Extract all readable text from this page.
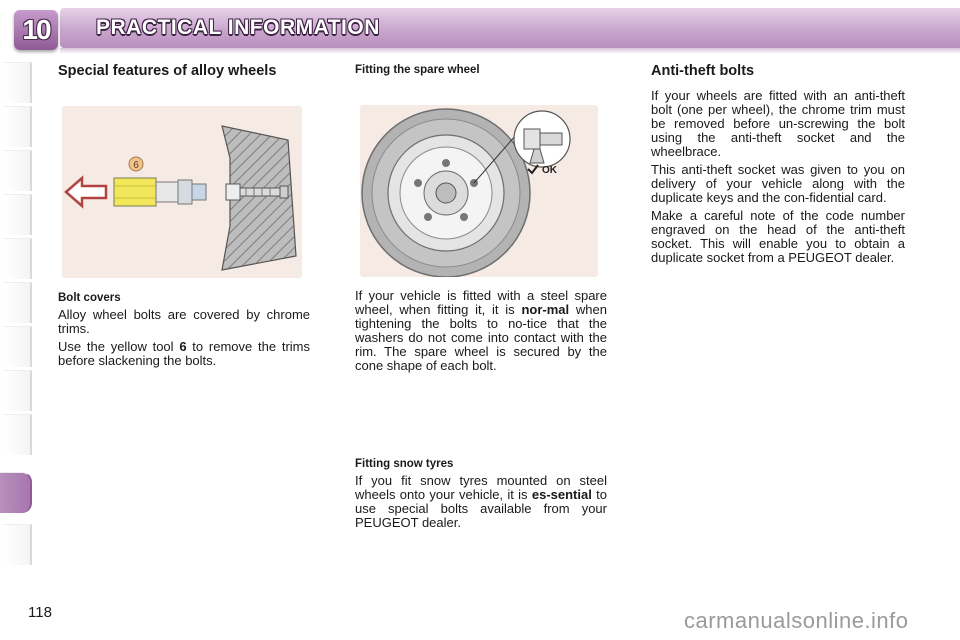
10	PRACTICAL INFORMATION
Special features of alloy wheels
6
Bolt covers

Alloy wheel bolts are covered by chrome trims.

Use the yellow tool 6 to remove the trims before slackening the bolts.

Fitting the spare wheel
OK

If your vehicle is fitted with a steel spare wheel, when fitting it, it is nor-mal when tightening the bolts to no-tice that the washers do not come into contact with the rim. The spare wheel is secured by the cone shape of each bolt.

Fitting snow tyres

If you fit snow tyres mounted on steel wheels onto your vehicle, it is es-sential to use special bolts available from your PEUGEOT dealer.

Anti-theft bolts

If your wheels are fitted with an anti-theft bolt (one per wheel), the chrome trim must be removed before un-screwing the bolt using the anti-theft socket and the wheelbrace.

This anti-theft socket was given to you on delivery of your vehicle along with the duplicate keys and the con-fidential card.

Make a careful note of the code number engraved on the head of the anti-theft socket. This will enable you to obtain a duplicate socket from a PEUGEOT dealer.

118	carmanualsonline.info
